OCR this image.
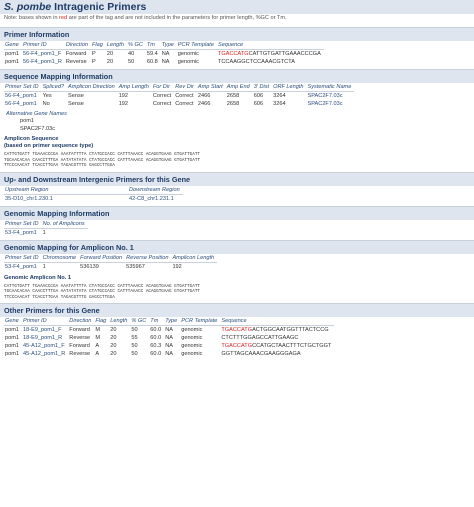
S. pombe Intragenic Primers
Note: bases shown in red are part of the tag and are not included in the parameters for primer length, %GC or Tm.
Primer Information
Gene	Primer ID	Direction	Flag	Length	% GC	Tm	Type	PCR Template	Sequence
pom1	56-F4_pom1_F	Forward	P	20	40	59.4	NA	genomic	TGACCATGCATTGTGATTGAAACCCGA
pom1	56-F4_pom1_R	Reverse	P	20	50	60.8	NA	genomic	TCCAAGGCTCCAAACGTCTA
Sequence Mapping Information
Primer Set ID	Spliced?	Amplicon Direction	Amp Length	For Dir	Rev Dir	Amp Start	Amp End	3' Dist	ORF Length	Systematic Name
56-F4_pom1	Yes	Sense	192	Correct	Correct	2466	2658	606	3264	SPAC2F7.03c
56-F4_pom1	No	Sense	192	Correct	Correct	2466	2658	606	3264	SPAC2F7.03c
Alternative Gene Names
pom1
SPAC2F7.03c
Amplicon Sequence
(based on primer sequence type)
CATTGTGATT TGAAACCCGA AAATATTTTA CTATGCCACC CATTTAAACC ACAGGTGAAG GTGATTGATT
TGCAACACAA CAACCTTTGA AATATATATA CTATGCCACC CATTTAAACC ACAGGTGAAG GTGATTGATT
TTCCCAACAT TCACCTTGAA TAGACGTTTG GAGCCTTGGA
Up- and Downstream Intergenic Primers for this Gene
Upstream Region	Downstream Region
35-D10_chr1.230.1	42-C8_chr1.231.1
Genomic Mapping Information
Primer Set ID	No. of Amplicons
53-F4_pom1	1
Genomic Mapping for Amplicon No. 1
Primer Set ID	Chromosome	Forward Position	Reverse Position	Amplicon Length
53-F4_pom1	1	536139	535967	192
Genomic Amplicon No. 1
CATTGTGATT TGAAACCCGA AAATATTTTA CTATGCCACC CATTTAAACC ACAGGTGAAG GTGATTGATT
TGCAACACAA CAACCTTTGA AATATATATA CTATGCCACC CATTTAAACC ACAGGTGAAG GTGATTGATT
TTCCCAACAT TCACCTTGAA TAGACGTTTG GAGCCTTGGA
Other Primers for this Gene
Gene	Primer ID	Direction	Flag	Length	% GC	Tm	Type	PCR Template	Sequence
pom1	18-E9_pom1_F	Forward	M	20	50	60.0	NA	genomic	TGACCATGACTGGCAATGGTTTACTCCG
pom1	18-E9_pom1_R	Reverse	M	20	55	60.0	NA	genomic	CTCTTTGGAGCCATTGAAGC
pom1	45-A12_pom1_F	Forward	A	20	50	60.3	NA	genomic	TGACCATGCCATGCTAACTTTCTGCTGGT
pom1	45-A12_pom1_R	Reverse	A	20	50	60.0	NA	genomic	GGTTAGCAAACGAAGGGAGA
